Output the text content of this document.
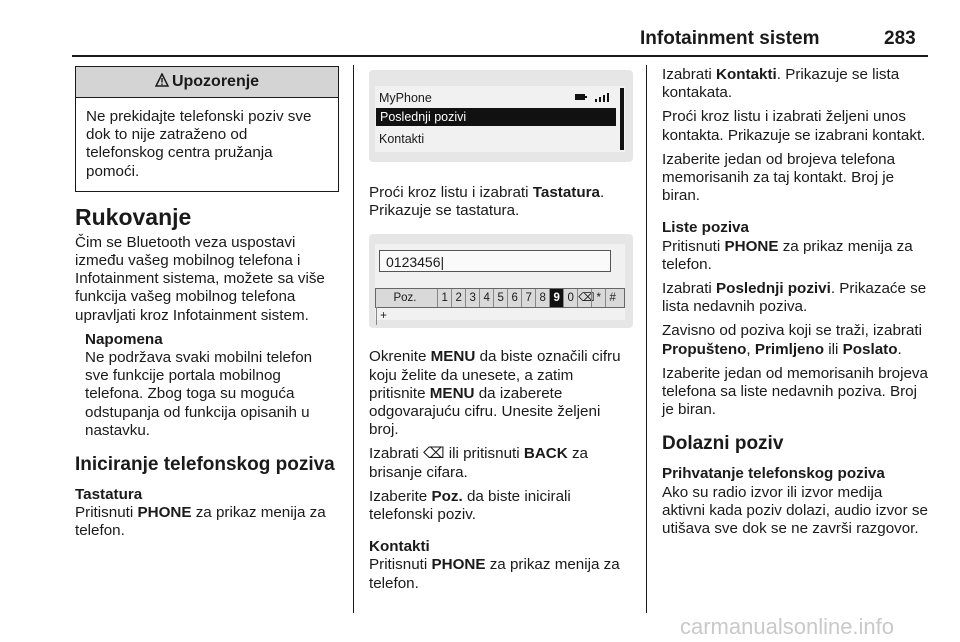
Infotainment sistem	283
Upozorenje
Ne prekidajte telefonski poziv sve dok to nije zatraženo od telefonskog centra pružanja pomoći.
Rukovanje

Čim se Bluetooth veza uspostavi između vašeg mobilnog telefona i Infotainment sistema, možete sa više funkcija vašeg mobilnog telefona upravljati kroz Infotainment sistem.

Napomena
Ne podržava svaki mobilni telefon sve funkcije portala mobilnog telefona. Zbog toga su moguća odstupanja od funkcija opisanih u nastavku.
Iniciranje telefonskog poziva
Tastatura

Pritisnuti PHONE za prikaz menija za telefon.

MyPhone
Poslednji pozivi
Kontakti

Proći kroz listu i izabrati Tastatura. Prikazuje se tastatura.

0123456|
Poz. 1 2 3 4 5 6 7 8 9 0 ⌫ * #+

Okrenite MENU da biste označili cifru koju želite da unesete, a zatim pritisnite MENU da izaberete odgovarajuću cifru. Unesite željeni broj.

Izabrati ⌫ ili pritisnuti BACK za brisanje cifara.

Izaberite Poz. da biste inicirali telefonski poziv.

Kontakti

Pritisnuti PHONE za prikaz menija za telefon.

Izabrati Kontakti. Prikazuje se lista kontakata.

Proći kroz listu i izabrati željeni unos kontakta. Prikazuje se izabrani kontakt.

Izaberite jedan od brojeva telefona memorisanih za taj kontakt. Broj je biran.

Liste poziva

Pritisnuti PHONE za prikaz menija za telefon.

Izabrati Poslednji pozivi. Prikazaće se lista nedavnih poziva.

Zavisno od poziva koji se traži, izabrati Propušteno, Primljeno ili Poslato.

Izaberite jedan od memorisanih brojeva telefona sa liste nedavnih poziva. Broj je biran.

Dolazni poziv
Prihvatanje telefonskog poziva

Ako su radio izvor ili izvor medija aktivni kada poziv dolazi, audio izvor se utišava sve dok se ne završi razgovor.

carmanualsonline.info
